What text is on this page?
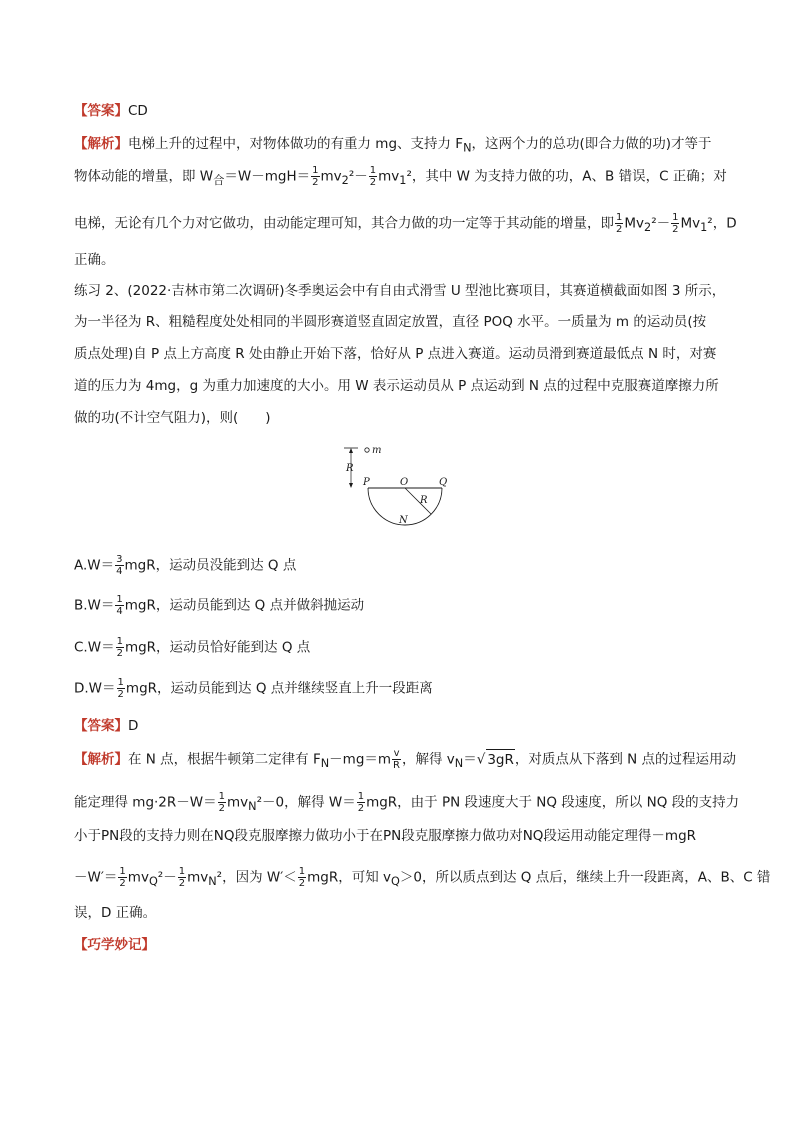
【答案】CD
【解析】电梯上升的过程中，对物体做功的有重力 mg、支持力 $F_N$，这两个力的总功(即合力做的功)才等于
物体动能的增量，即 $W_合=W-mgH= \frac{1}{2} mv_2^2- \frac{1}{2} mv_1^2$，其中 W 为支持力做的功，A、B 错误，C 正确；对
电梯，无论有几个力对它做功，由动能定理可知，其合力做的功一定等于其动能的增量，即 $\frac{1}{2} Mv_2^2- \frac{1}{2} Mv_1^2$，D
正确。
练习 2、(2022·吉林市第二次调研)冬季奥运会中有自由式滑雪 U 型池比赛项目，其赛道横截面如图 3 所示，
为一半径为 R、粗糙程度处处相同的半圆形赛道竖直固定放置，直径 POQ 水平。一质量为 m 的运动员(按
质点处理)自 P 点上方高度 R 处由静止开始下落，恰好从 P 点进入赛道。运动员滑到赛道最低点 N 时，对赛
道的压力为 4mg，g 为重力加速度的大小。用 W 表示运动员从 P 点运动到 N 点的过程中克服赛道摩擦力所
做的功(不计空气阻力)，则(　　)
m
R
P	O	Q
R
N
$A.W= \frac{3}{4}$ mgR，运动员没能到达 Q 点
$B.W= \frac{1}{4}$ mgR，运动员能到达 Q 点并做斜抛运动
$C.W= \frac{1}{2}$ mgR，运动员恰好能到达 Q 点
$D.W= \frac{1}{2}$ mgR，运动员能到达 Q 点并继续竖直上升一段距离
【答案】D
【解析】在 N 点，根据牛顿第二定律有 $F_N-mg=m \frac{v}{R}$ ，解得 $v_N=√$ 3gR，对质点从下落到 N 点的过程运用动
能定理得 $mg\cdot 2R-W= \frac{1}{2} mv_N^2-0$，解得 $W= \frac{1}{2}$ mgR，由于 PN 段速度大于 NQ 段速度，所以 NQ 段的支持力
小于PN段的支持力则在NQ段克服摩擦力做功小于在PN段克服摩擦力做功对NQ段运用动能定理得－mgR
$-W'= \frac{1}{2} mv_Q^2- \frac{1}{2} mv_N^2$，因为 $W'< \frac{1}{2}$ mgR，可知 $v_Q>0$，所以质点到达 Q 点后，继续上升一段距离，A、B、C 错
误，D 正确。
【巧学妙记】
